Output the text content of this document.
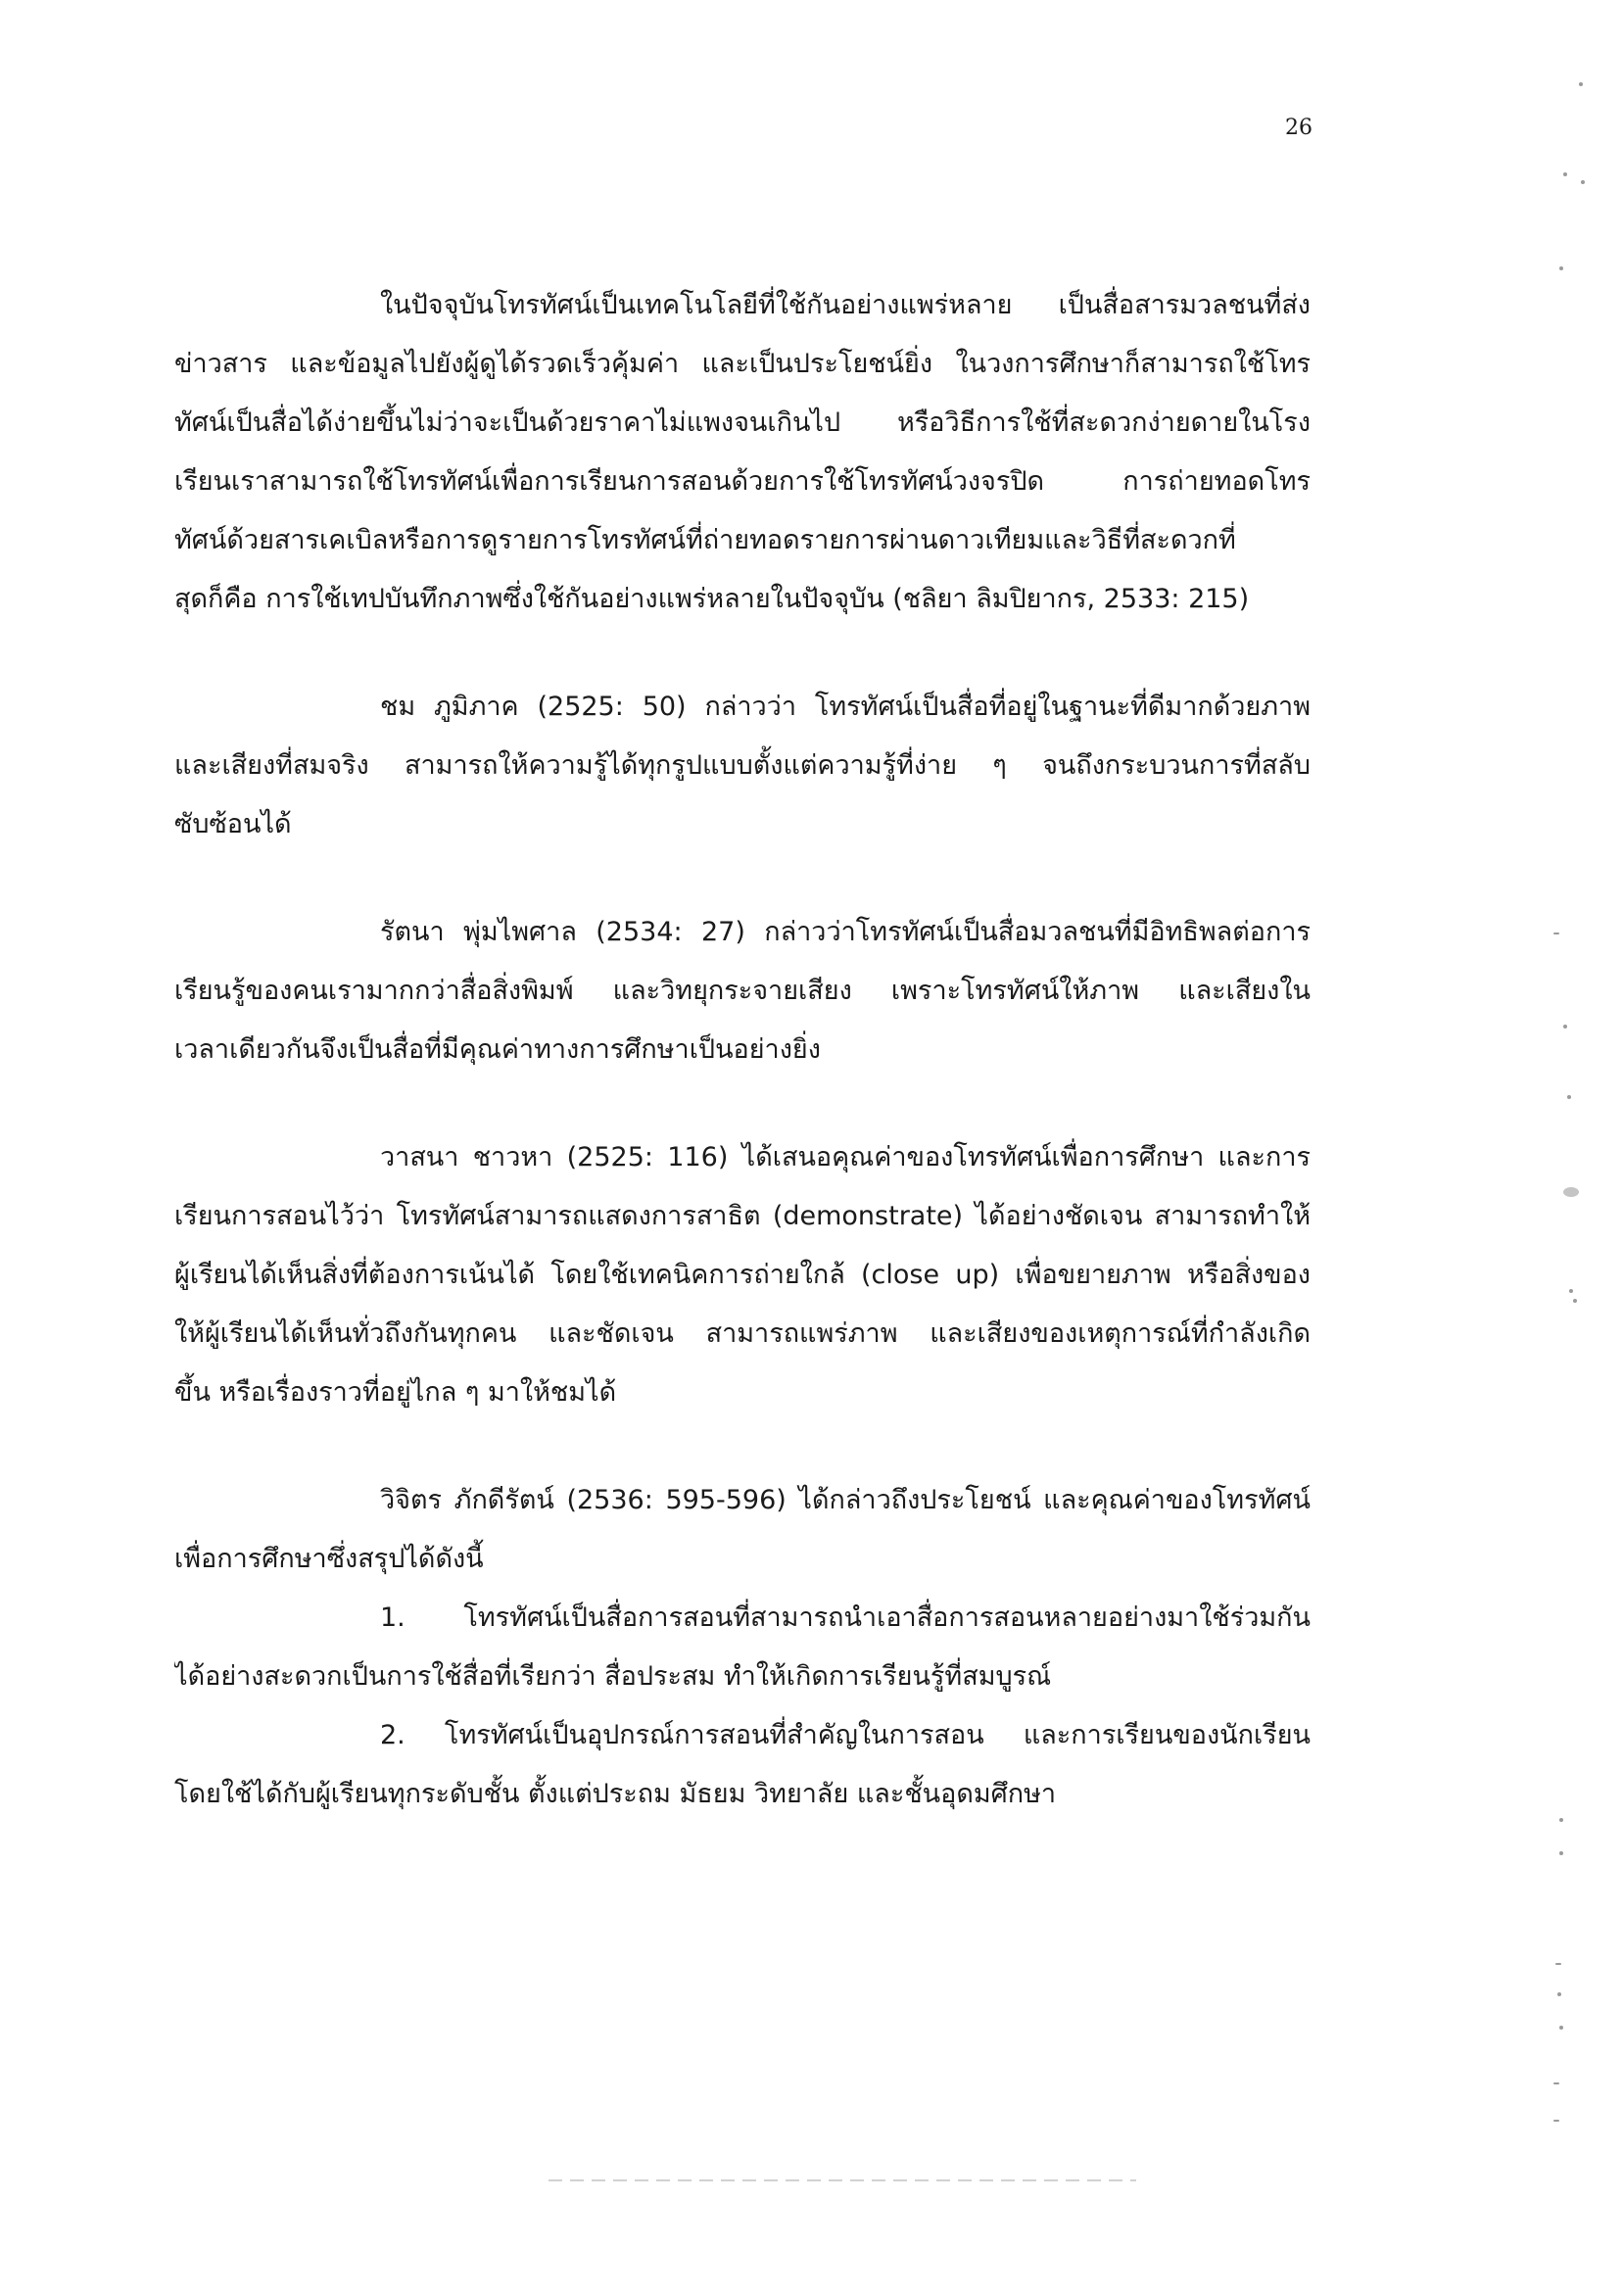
26
ในปัจจุบันโทรทัศน์เป็นเทคโนโลยีที่ใช้กันอย่างแพร่หลาย เป็นสื่อสารมวลชนที่ส่ง
ข่าวสาร และข้อมูลไปยังผู้ดูได้รวดเร็วคุ้มค่า และเป็นประโยชน์ยิ่ง ในวงการศึกษาก็สามารถใช้โทร
ทัศน์เป็นสื่อได้ง่ายขึ้นไม่ว่าจะเป็นด้วยราคาไม่แพงจนเกินไป หรือวิธีการใช้ที่สะดวกง่ายดายในโรง
เรียนเราสามารถใช้โทรทัศน์เพื่อการเรียนการสอนด้วยการใช้โทรทัศน์วงจรปิด การถ่ายทอดโทร
ทัศน์ด้วยสารเคเบิลหรือการดูรายการโทรทัศน์ที่ถ่ายทอดรายการผ่านดาวเทียมและวิธีที่สะดวกที่
สุดก็คือ การใช้เทปบันทึกภาพซึ่งใช้กันอย่างแพร่หลายในปัจจุบัน (ชลิยา ลิมปิยากร, 2533: 215)
ชม ภูมิภาค (2525: 50) กล่าวว่า โทรทัศน์เป็นสื่อที่อยู่ในฐานะที่ดีมากด้วยภาพ
และเสียงที่สมจริง สามารถให้ความรู้ได้ทุกรูปแบบตั้งแต่ความรู้ที่ง่าย ๆ จนถึงกระบวนการที่สลับ
ซับซ้อนได้
รัตนา พุ่มไพศาล (2534: 27) กล่าวว่าโทรทัศน์เป็นสื่อมวลชนที่มีอิทธิพลต่อการ
เรียนรู้ของคนเรามากกว่าสื่อสิ่งพิมพ์ และวิทยุกระจายเสียง เพราะโทรทัศน์ให้ภาพ และเสียงใน
เวลาเดียวกันจึงเป็นสื่อที่มีคุณค่าทางการศึกษาเป็นอย่างยิ่ง
วาสนา ชาวหา (2525: 116) ได้เสนอคุณค่าของโทรทัศน์เพื่อการศึกษา และการ
เรียนการสอนไว้ว่า โทรทัศน์สามารถแสดงการสาธิต (demonstrate) ได้อย่างชัดเจน สามารถทำให้
ผู้เรียนได้เห็นสิ่งที่ต้องการเน้นได้ โดยใช้เทคนิคการถ่ายใกล้ (close up) เพื่อขยายภาพ หรือสิ่งของ
ให้ผู้เรียนได้เห็นทั่วถึงกันทุกคน และชัดเจน สามารถแพร่ภาพ และเสียงของเหตุการณ์ที่กำลังเกิด
ขึ้น หรือเรื่องราวที่อยู่ไกล ๆ มาให้ชมได้
วิจิตร ภักดีรัตน์ (2536: 595-596) ได้กล่าวถึงประโยชน์ และคุณค่าของโทรทัศน์
เพื่อการศึกษาซึ่งสรุปได้ดังนี้
1. โทรทัศน์เป็นสื่อการสอนที่สามารถนำเอาสื่อการสอนหลายอย่างมาใช้ร่วมกัน
ได้อย่างสะดวกเป็นการใช้สื่อที่เรียกว่า สื่อประสม ทำให้เกิดการเรียนรู้ที่สมบูรณ์
2. โทรทัศน์เป็นอุปกรณ์การสอนที่สำคัญในการสอน และการเรียนของนักเรียน
โดยใช้ได้กับผู้เรียนทุกระดับชั้น ตั้งแต่ประถม มัธยม วิทยาลัย และชั้นอุดมศึกษา
